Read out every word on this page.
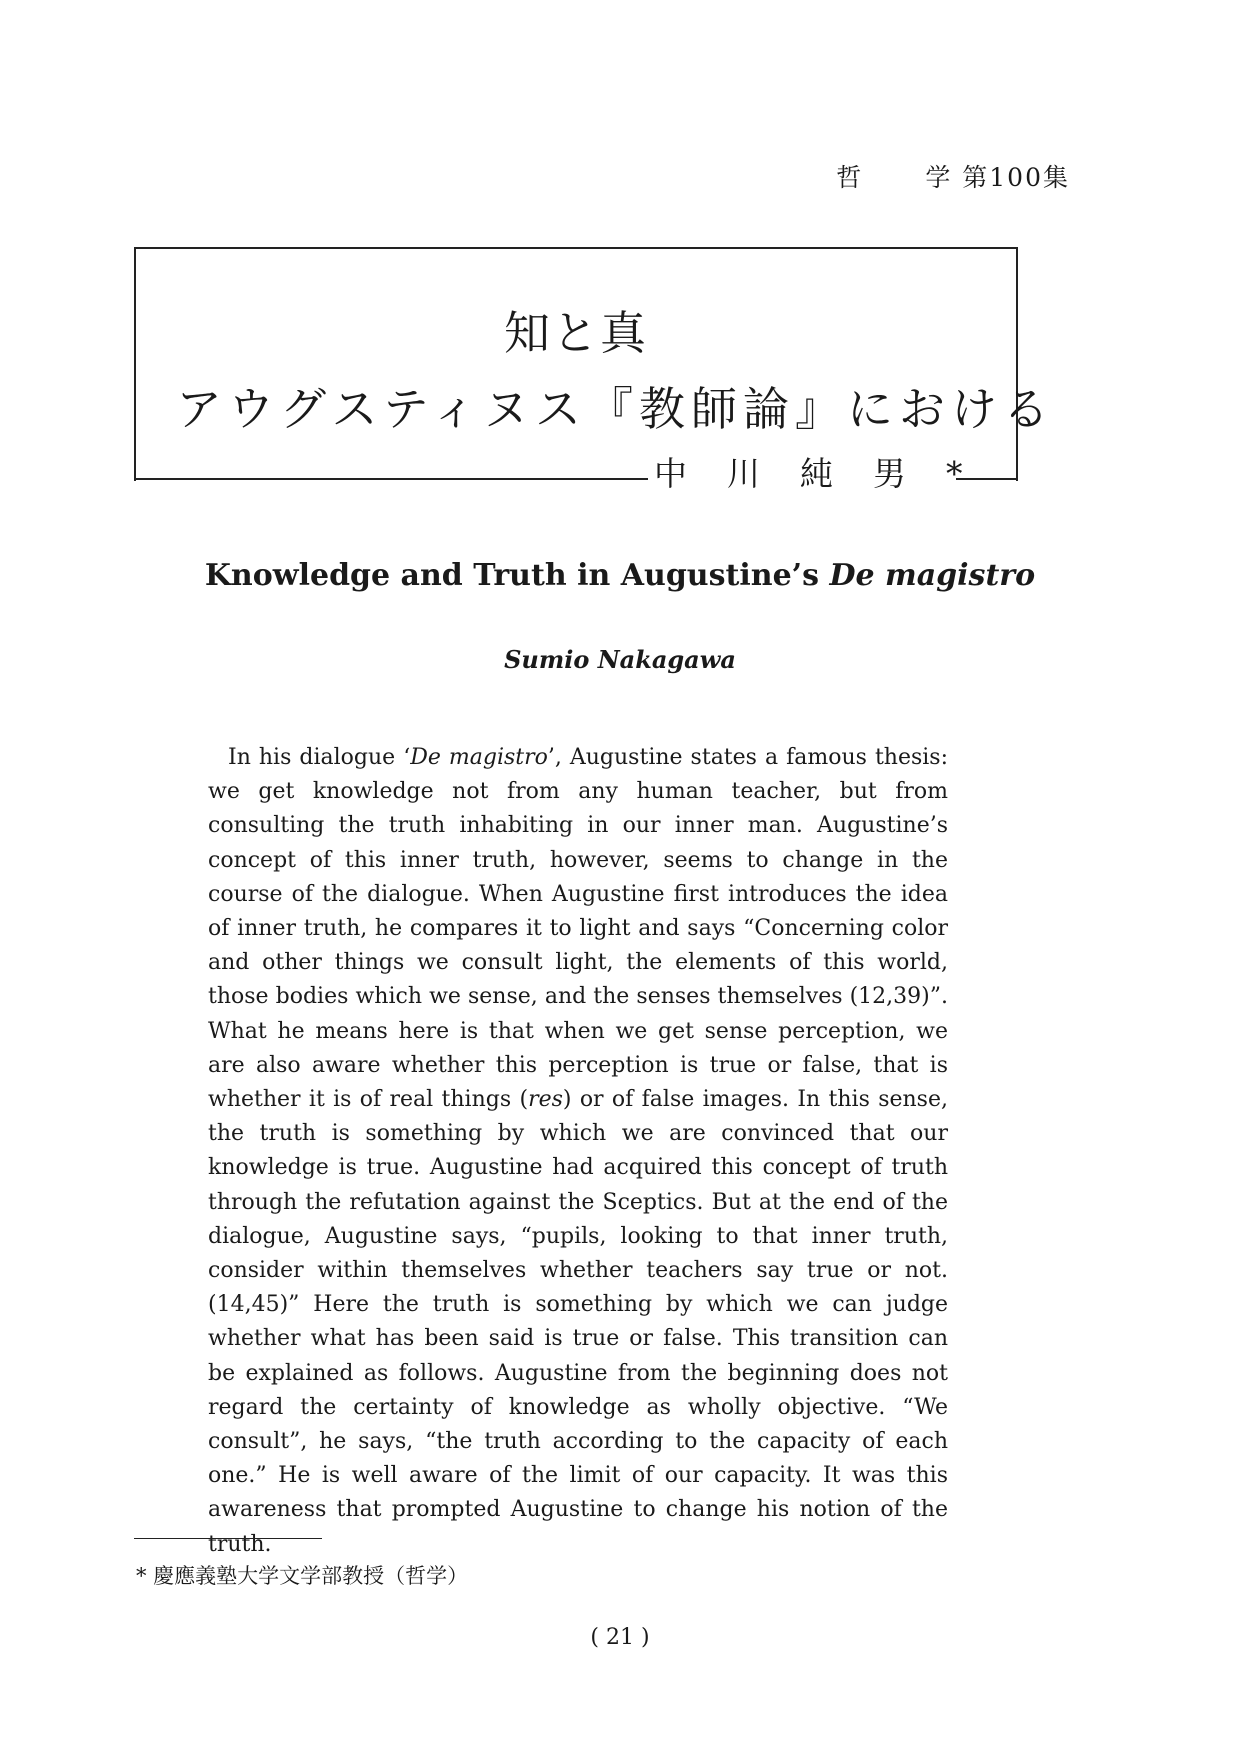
哲 学 第100集
知と真
アウグスティヌス『教師論』における
中川純男*
Knowledge and Truth in Augustine’s De magistro
Sumio Nakagawa

In his dialogue ‘De magistro’, Augustine states a famous thesis: we get knowledge not from any human teacher, but from consulting the truth inhabiting in our inner man. Augustine’s concept of this inner truth, however, seems to change in the course of the dialogue. When Augustine first introduces the idea of inner truth, he compares it to light and says “Concerning color and other things we consult light, the elements of this world, those bodies which we sense, and the senses themselves (12,39)”. What he means here is that when we get sense perception, we are also aware whether this perception is true or false, that is whether it is of real things (res) or of false images. In this sense, the truth is something by which we are convinced that our knowledge is true. Augustine had acquired this concept of truth through the refutation against the Sceptics. But at the end of the dialogue, Augustine says, “pupils, looking to that inner truth, consider within themselves whether teachers say true or not. (14,45)” Here the truth is something by which we can judge whether what has been said is true or false. This transition can be explained as follows. Augustine from the beginning does not regard the certainty of knowledge as wholly objective. “We consult”, he says, “the truth according to the capacity of each one.” He is well aware of the limit of our capacity. It was this awareness that prompted Augustine to change his notion of the truth.

* 慶應義塾大学文学部教授（哲学）
( 21 )
